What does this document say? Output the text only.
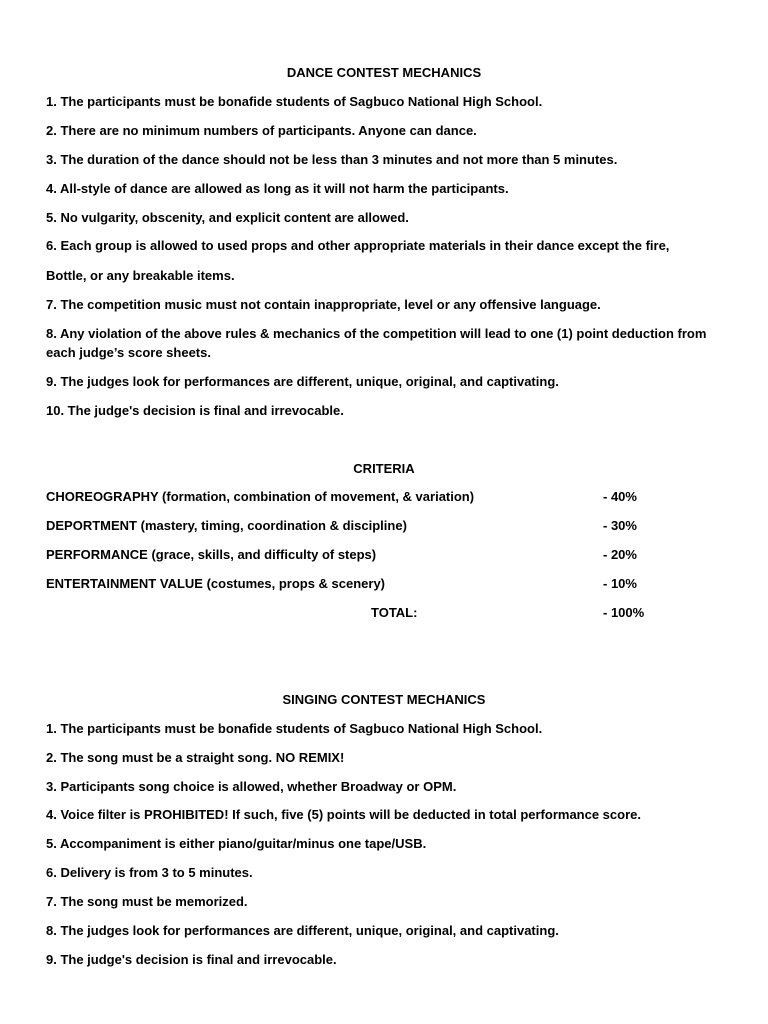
DANCE CONTEST MECHANICS
1. The participants must be bonafide students of Sagbuco National High School.
2. There are no minimum numbers of participants. Anyone can dance.
3. The duration of the dance should not be less than 3 minutes and not more than 5 minutes.
4. All-style of dance are allowed as long as it will not harm the participants.
5. No vulgarity, obscenity, and explicit content are allowed.
6. Each group is allowed to used props and other appropriate materials in their dance except the fire,
Bottle, or any breakable items.
7. The competition music must not contain inappropriate, level or any offensive language.
8. Any violation of the above rules & mechanics of the competition will lead to one (1) point deduction from each judge’s score sheets.
9. The judges look for performances are different, unique, original, and captivating.
10. The judge's decision is final and irrevocable.
CRITERIA
CHOREOGRAPHY (formation, combination of movement, & variation)	- 40%
DEPORTMENT (mastery, timing, coordination & discipline)	- 30%
PERFORMANCE (grace, skills, and difficulty of steps)	- 20%
ENTERTAINMENT VALUE (costumes, props & scenery)	- 10%
TOTAL:	- 100%
SINGING CONTEST MECHANICS
1. The participants must be bonafide students of Sagbuco National High School.
2. The song must be a straight song. NO REMIX!
3. Participants song choice is allowed, whether Broadway or OPM.
4. Voice filter is PROHIBITED! If such, five (5) points will be deducted in total performance score.
5. Accompaniment is either piano/guitar/minus one tape/USB.
6. Delivery is from 3 to 5 minutes.
7. The song must be memorized.
8. The judges look for performances are different, unique, original, and captivating.
9. The judge's decision is final and irrevocable.
